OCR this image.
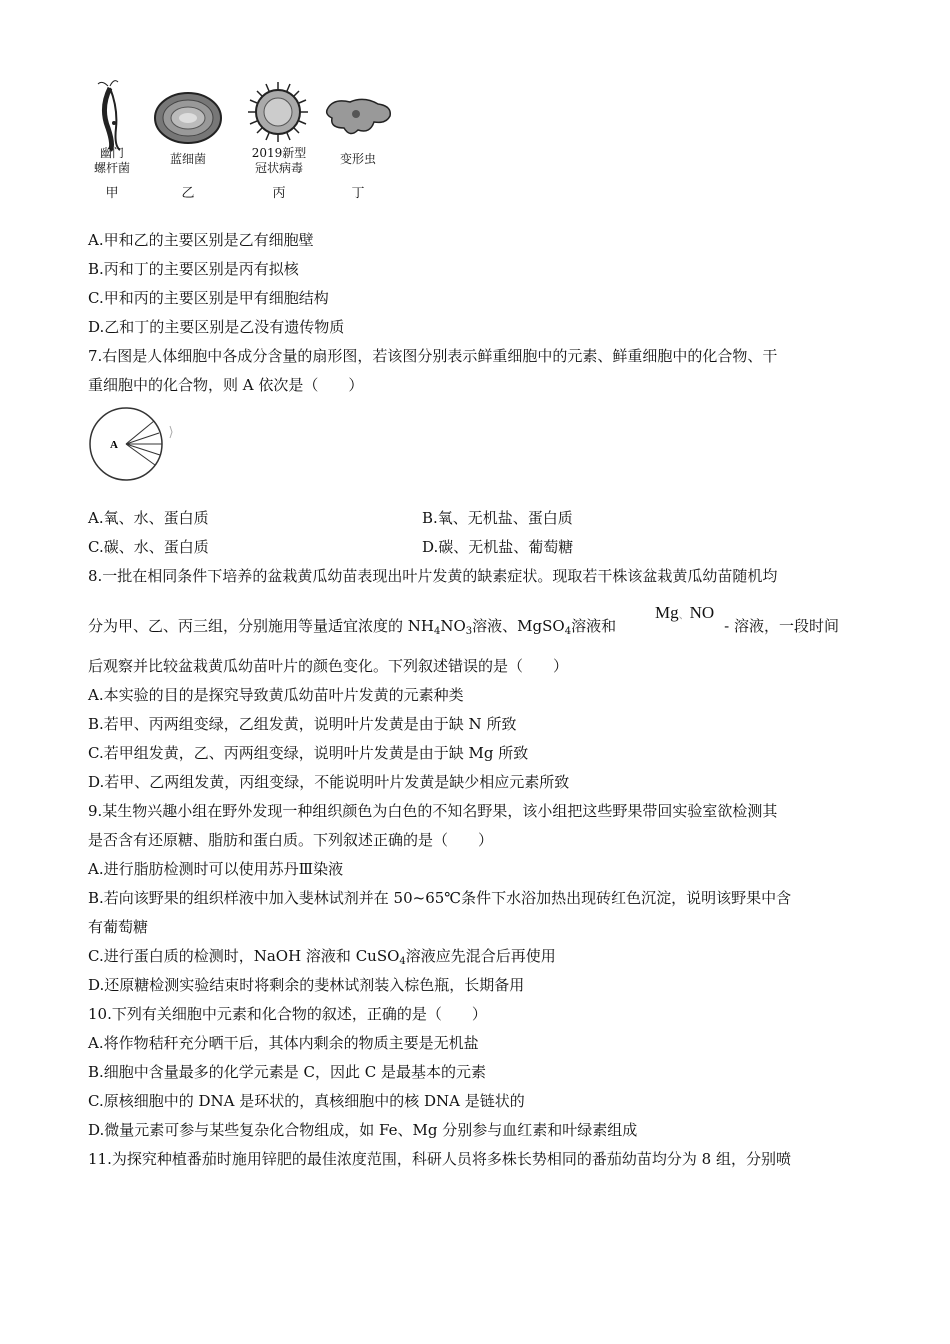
幽门
螺杆菌
甲
蓝细菌
乙
2019新型
冠状病毒
丙
变形虫
丁
A.甲和乙的主要区别是乙有细胞壁
B.丙和丁的主要区别是丙有拟核
C.甲和丙的主要区别是甲有细胞结构
D.乙和丁的主要区别是乙没有遗传物质
7.右图是人体细胞中各成分含量的扇形图，若该图分别表示鲜重细胞中的元素、鲜重细胞中的化合物、干
重细胞中的化合物，则 A 依次是（　　）
A
A.氧、水、蛋白质	B.氧、无机盐、蛋白质
C.碳、水、蛋白质	D.碳、无机盐、葡萄糖
8.一批在相同条件下培养的盆栽黄瓜幼苗表现出叶片发黄的缺素症状。现取若干株该盆栽黄瓜幼苗随机均
分为甲、乙、丙三组，分别施用等量适宜浓度的 $NH_4NO_3$溶液、MgSO$_4$溶液和	- 溶液，一段时间
Mg、NO
后观察并比较盆栽黄瓜幼苗叶片的颜色变化。下列叙述错误的是（　　）
A.本实验的目的是探究导致黄瓜幼苗叶片发黄的元素种类
B.若甲、丙两组变绿，乙组发黄，说明叶片发黄是由于缺 N 所致
C.若甲组发黄，乙、丙两组变绿，说明叶片发黄是由于缺 Mg 所致
D.若甲、乙两组发黄，丙组变绿，不能说明叶片发黄是缺少相应元素所致
9.某生物兴趣小组在野外发现一种组织颜色为白色的不知名野果，该小组把这些野果带回实验室欲检测其
是否含有还原糖、脂肪和蛋白质。下列叙述正确的是（　　）
A.进行脂肪检测时可以使用苏丹Ⅲ染液
B.若向该野果的组织样液中加入斐林试剂并在 50~65℃条件下水浴加热出现砖红色沉淀，说明该野果中含
有葡萄糖
C.进行蛋白质的检测时，NaOH 溶液和 CuSO$_4$溶液应先混合后再使用
D.还原糖检测实验结束时将剩余的斐林试剂装入棕色瓶，长期备用
10.下列有关细胞中元素和化合物的叙述，正确的是（　　）
A.将作物秸秆充分晒干后，其体内剩余的物质主要是无机盐
B.细胞中含量最多的化学元素是 C，因此 C 是最基本的元素
C.原核细胞中的 DNA 是环状的，真核细胞中的核 DNA 是链状的
D.微量元素可参与某些复杂化合物组成，如 Fe、Mg 分别参与血红素和叶绿素组成
11.为探究种植番茄时施用锌肥的最佳浓度范围，科研人员将多株长势相同的番茄幼苗均分为 8 组，分别喷
